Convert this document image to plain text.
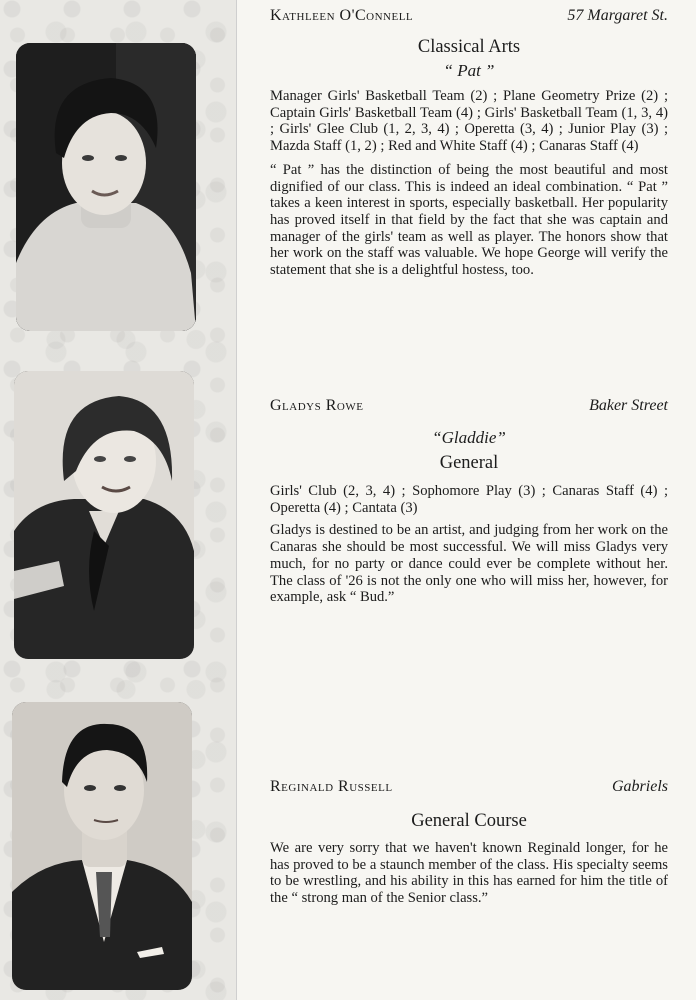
Kathleen O'Connell	57 Margaret St.
Classical Arts
“ Pat ”

Manager Girls' Basketball Team (2) ; Plane Geometry Prize (2) ; Captain Girls' Basketball Team (4) ; Girls' Basketball Team (1, 3, 4) ; Girls' Glee Club (1, 2, 3, 4) ; Operetta (3, 4) ; Junior Play (3) ; Mazda Staff (1, 2) ; Red and White Staff (4) ; Canaras Staff (4)

“ Pat ” has the distinction of being the most beautiful and most dignified of our class. This is indeed an ideal combination. “ Pat ” takes a keen interest in sports, especially basketball. Her popularity has proved itself in that field by the fact that she was captain and manager of the girls' team as well as player. The honors show that her work on the staff was valuable. We hope George will verify the statement that she is a delightful hostess, too.

Gladys Rowe	Baker Street
“Gladdie”
General

Girls' Club (2, 3, 4) ; Sophomore Play (3) ; Canaras Staff (4) ; Operetta (4) ; Cantata (3)

Gladys is destined to be an artist, and judging from her work on the Canaras she should be most successful. We will miss Gladys very much, for no party or dance could ever be complete without her. The class of '26 is not the only one who will miss her, however, for example, ask “ Bud.”

Reginald Russell	Gabriels
General Course

We are very sorry that we haven't known Reginald longer, for he has proved to be a staunch member of the class. His specialty seems to be wrestling, and his ability in this has earned for him the title of the “ strong man of the Senior class.”
